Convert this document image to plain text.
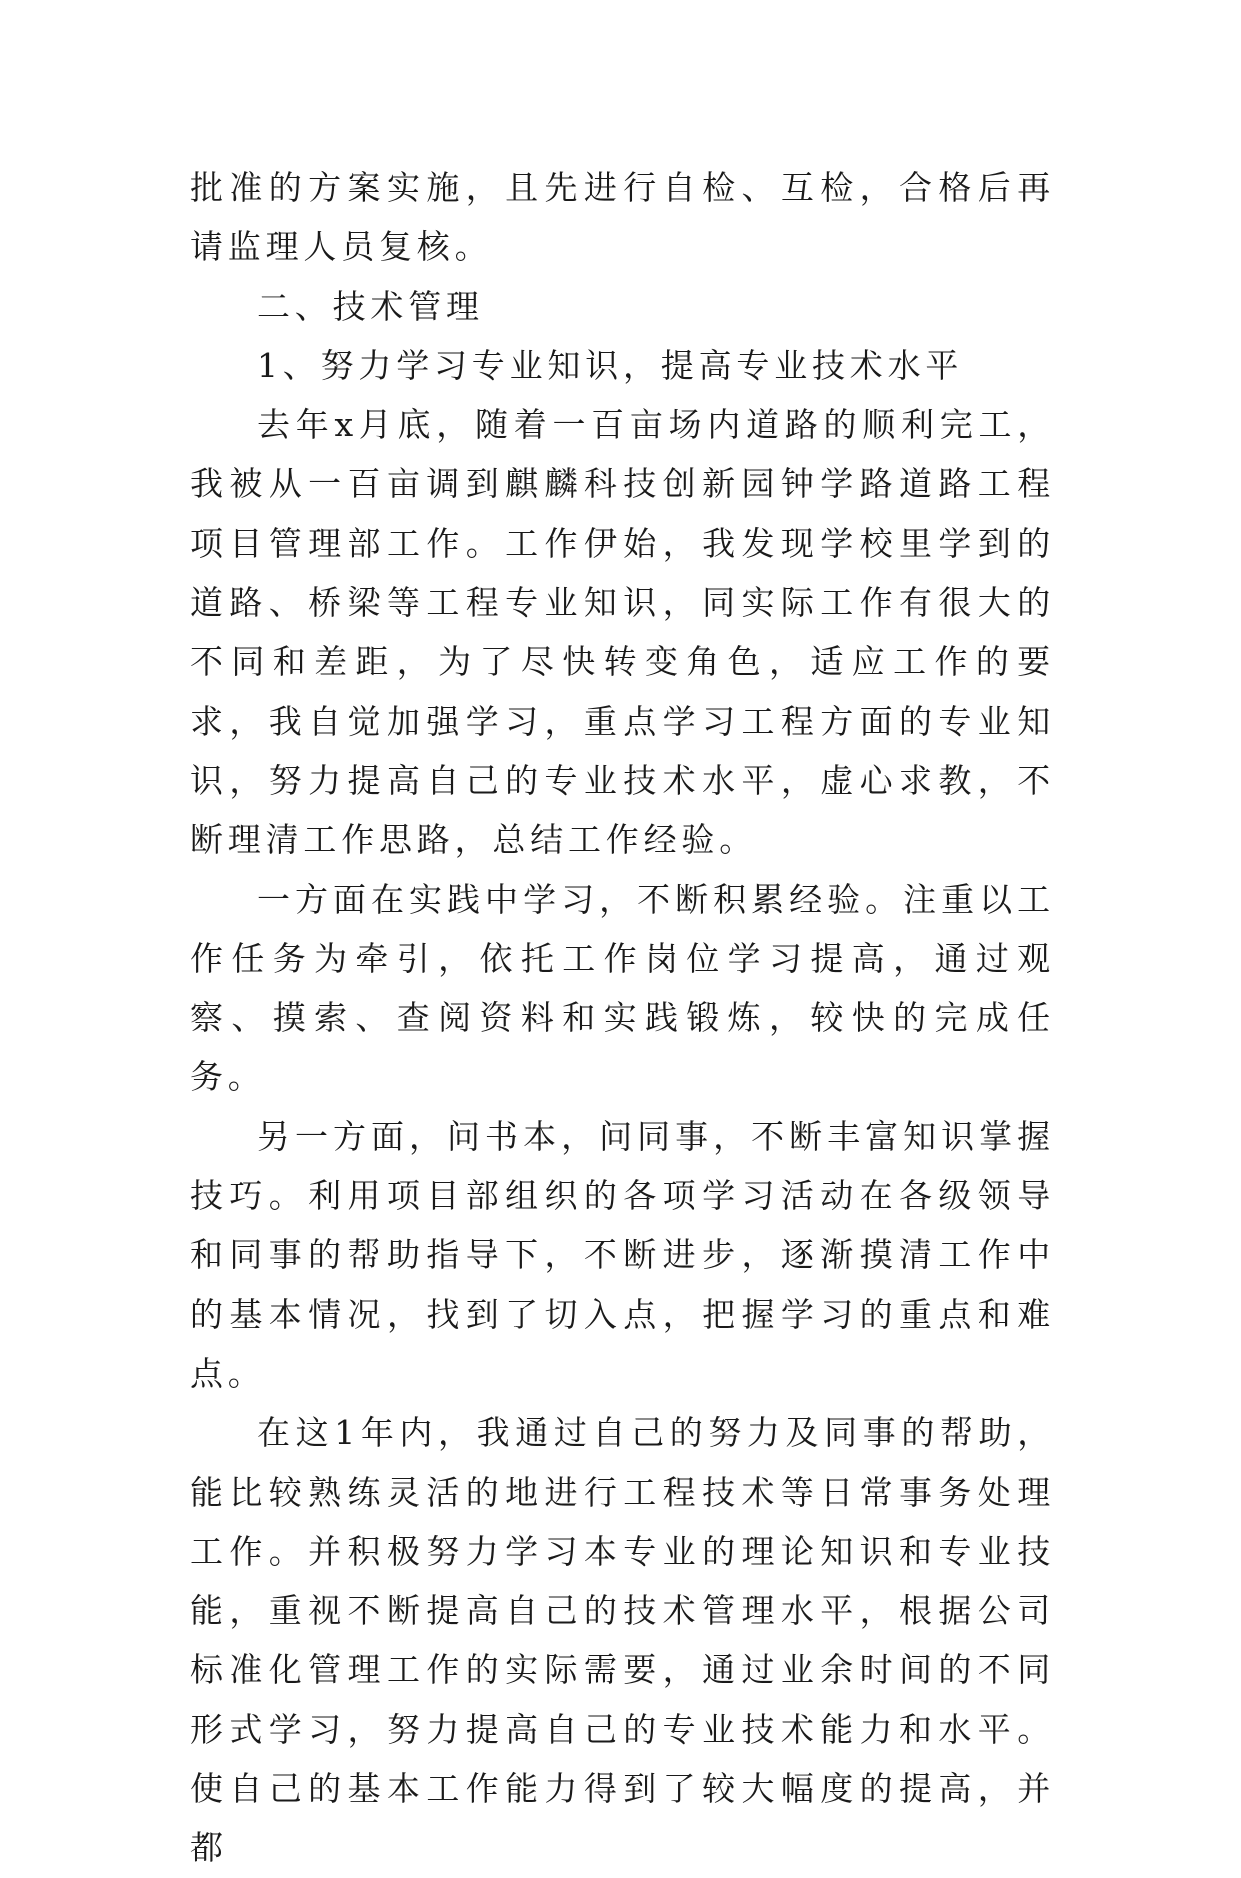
批准的方案实施，且先进行自检、互检，合格后再请监理人员复核。

二、技术管理

1、努力学习专业知识，提高专业技术水平

去年x月底，随着一百亩场内道路的顺利完工，我被从一百亩调到麒麟科技创新园钟学路道路工程项目管理部工作。工作伊始，我发现学校里学到的道路、桥梁等工程专业知识，同实际工作有很大的不同和差距，为了尽快转变角色，适应工作的要求，我自觉加强学习，重点学习工程方面的专业知识，努力提高自己的专业技术水平，虚心求教，不断理清工作思路，总结工作经验。

一方面在实践中学习，不断积累经验。注重以工作任务为牵引，依托工作岗位学习提高，通过观察、摸索、查阅资料和实践锻炼，较快的完成任务。

另一方面，问书本，问同事，不断丰富知识掌握技巧。利用项目部组织的各项学习活动在各级领导和同事的帮助指导下，不断进步，逐渐摸清工作中的基本情况，找到了切入点，把握学习的重点和难点。

在这1年内，我通过自己的努力及同事的帮助，能比较熟练灵活的地进行工程技术等日常事务处理工作。并积极努力学习本专业的理论知识和专业技能，重视不断提高自己的技术管理水平，根据公司标准化管理工作的实际需要，通过业余时间的不同形式学习，努力提高自己的专业技术能力和水平。使自己的基本工作能力得到了较大幅度的提高，并都
